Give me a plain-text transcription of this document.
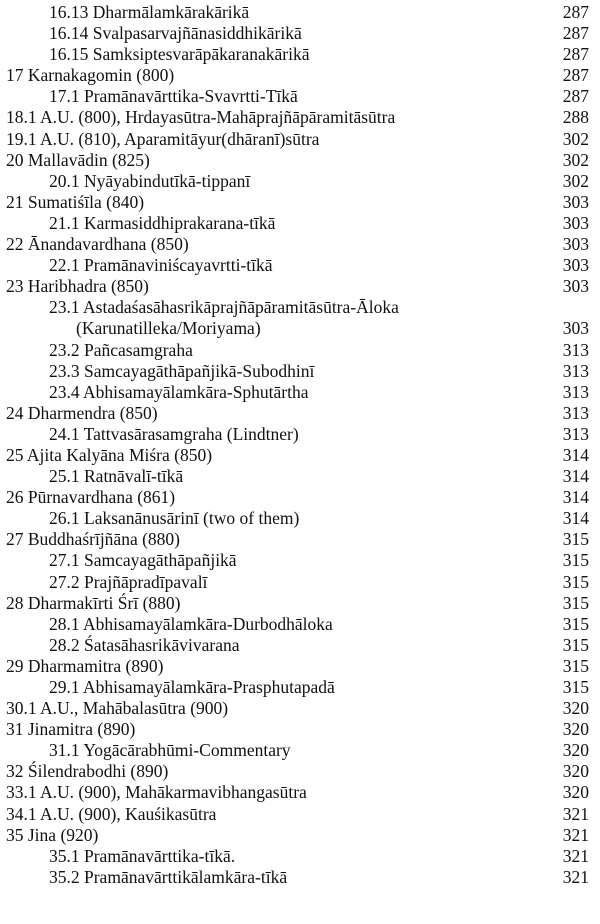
16.13 Dharmālamkārakārikā	287
16.14 Svalpasarvajñānasiddhikārikā	287
16.15 Samksiptesvarāpākaranakārikā	287
17 Karnakagomin (800)	287
17.1 Pramānavārttika-Svavrtti-Tīkā	287
18.1 A.U. (800), Hrdayasūtra-Mahāprajñāpāramitāsūtra	288
19.1 A.U. (810), Aparamitāyur(dhāranī)sūtra	302
20 Mallavādin (825)	302
20.1 Nyāyabindutīkā-tippanī	302
21 Sumatiśīla (840)	303
21.1 Karmasiddhiprakarana-tīkā	303
22 Ānandavardhana (850)	303
22.1 Pramānaviniścayavrtti-tīkā	303
23 Haribhadra (850)	303
23.1 Astadaśasāhasrikāprajñāpāramitāsūtra-Āloka
(Karunatilleka/Moriyama)	303
23.2 Pañcasamgraha	313
23.3 Samcayagāthāpañjikā-Subodhinī	313
23.4 Abhisamayālamkāra-Sphutārtha	313
24 Dharmendra (850)	313
24.1 Tattvasārasamgraha (Lindtner)	313
25 Ajita Kalyāna Miśra (850)	314
25.1 Ratnāvalī-tīkā	314
26 Pūrnavardhana (861)	314
26.1 Laksanānusārinī (two of them)	314
27 Buddhaśrījñāna (880)	315
27.1 Samcayagāthāpañjikā	315
27.2 Prajñāpradīpavalī	315
28 Dharmakīrti Śrī (880)	315
28.1 Abhisamayālamkāra-Durbodhāloka	315
28.2 Śatasāhasrikāvivarana	315
29 Dharmamitra (890)	315
29.1 Abhisamayālamkāra-Prasphutapadā	315
30.1 A.U., Mahābalasūtra (900)	320
31 Jinamitra (890)	320
31.1 Yogācārabhūmi-Commentary	320
32 Śilendrabodhi (890)	320
33.1 A.U. (900), Mahākarmavibhangasūtra	320
34.1 A.U. (900), Kauśikasūtra	321
35 Jina (920)	321
35.1 Pramānavārttika-tīkā.	321
35.2 Pramānavārttikālamkāra-tīkā	321
